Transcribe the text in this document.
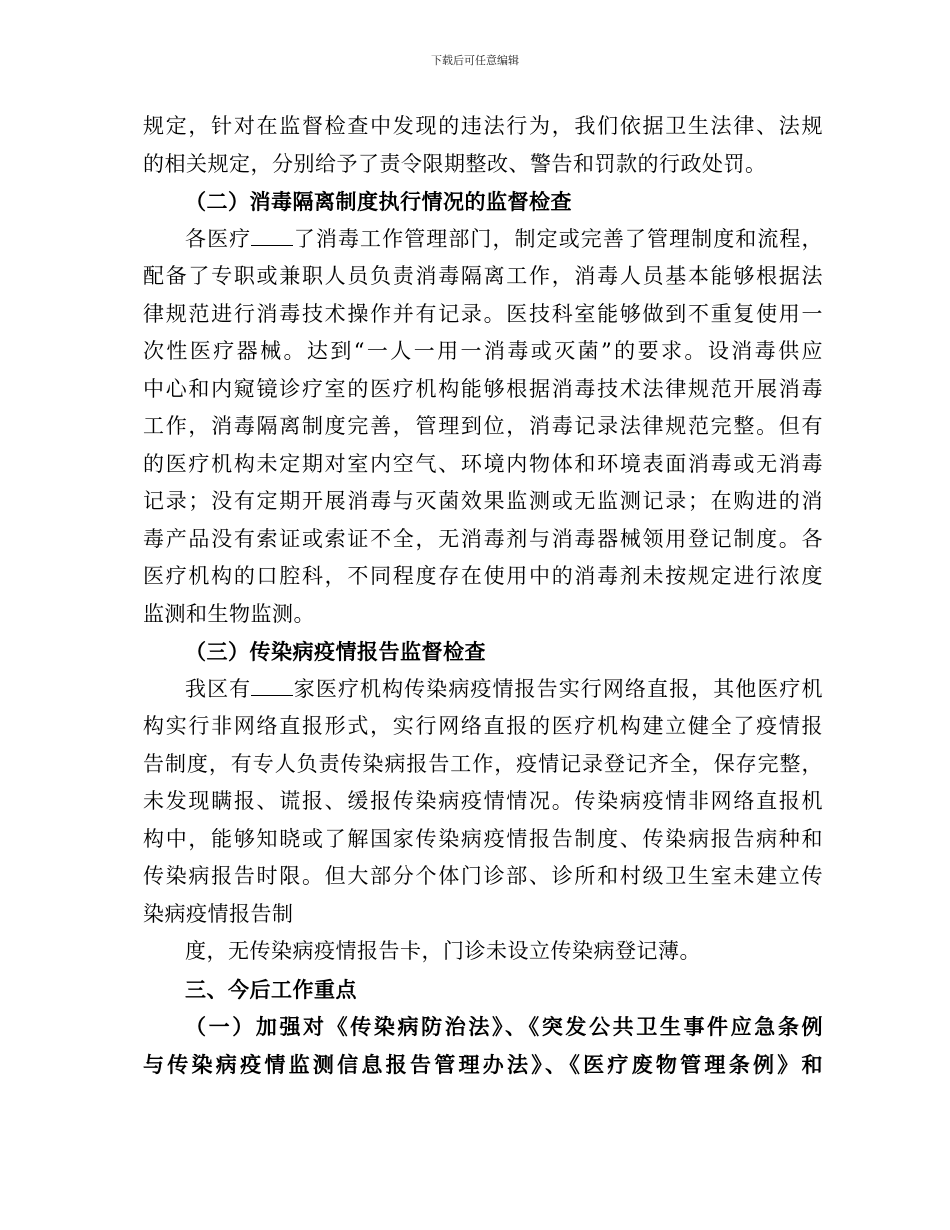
下载后可任意编辑
规定，针对在监督检查中发现的违法行为，我们依据卫生法律、法规
的相关规定，分别给予了责令限期整改、警告和罚款的行政处罚。
（二）消毒隔离制度执行情况的监督检查
各医疗 了消毒工作管理部门，制定或完善了管理制度和流程，
配备了专职或兼职人员负责消毒隔离工作，消毒人员基本能够根据法
律规范进行消毒技术操作并有记录。医技科室能够做到不重复使用一
次性医疗器械。达到“一人一用一消毒或灭菌”的要求。设消毒供应
中心和内窥镜诊疗室的医疗机构能够根据消毒技术法律规范开展消毒
工作，消毒隔离制度完善，管理到位，消毒记录法律规范完整。但有
的医疗机构未定期对室内空气、环境内物体和环境表面消毒或无消毒
记录；没有定期开展消毒与灭菌效果监测或无监测记录；在购进的消
毒产品没有索证或索证不全，无消毒剂与消毒器械领用登记制度。各
医疗机构的口腔科，不同程度存在使用中的消毒剂未按规定进行浓度
监测和生物监测。
（三）传染病疫情报告监督检查
我区有 家医疗机构传染病疫情报告实行网络直报，其他医疗机
构实行非网络直报形式，实行网络直报的医疗机构建立健全了疫情报
告制度，有专人负责传染病报告工作，疫情记录登记齐全，保存完整，
未发现瞒报、谎报、缓报传染病疫情情况。传染病疫情非网络直报机
构中，能够知晓或了解国家传染病疫情报告制度、传染病报告病种和
传染病报告时限。但大部分个体门诊部、诊所和村级卫生室未建立传
染病疫情报告制
度，无传染病疫情报告卡，门诊未设立传染病登记薄。
三、今后工作重点
（一）加强对《传染病防治法》、《突发公共卫生事件应急条例
与传染病疫情监测信息报告管理办法》、《医疗废物管理条例》和
